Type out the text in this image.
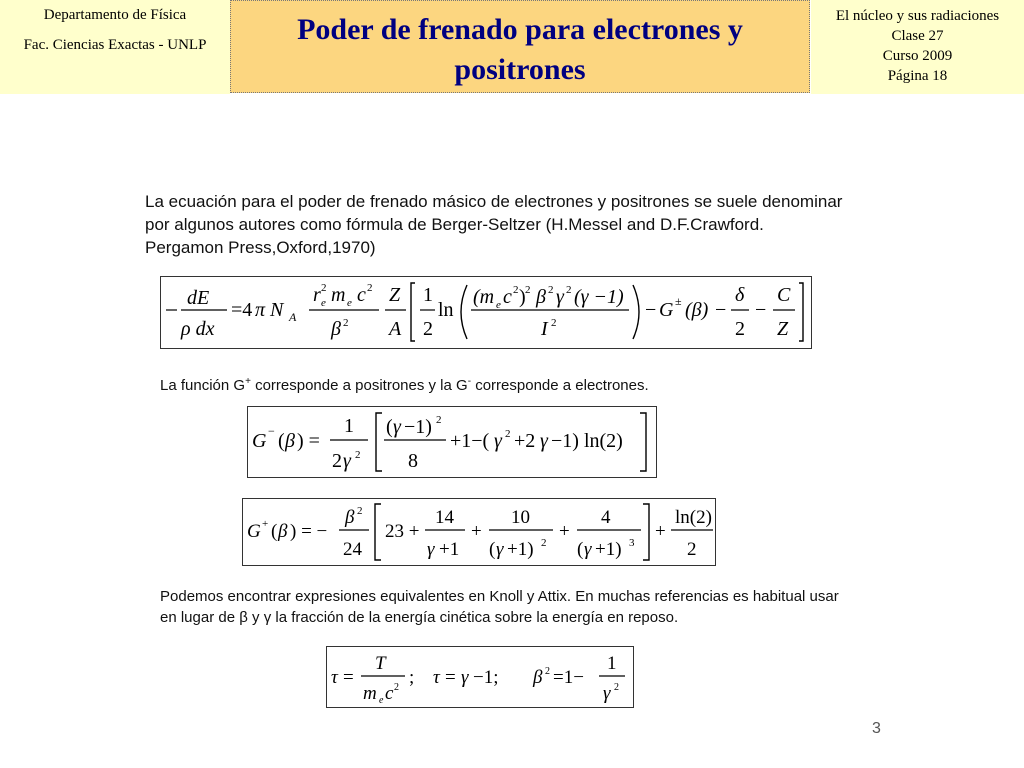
Departamento de Física
Fac. Ciencias Exactas - UNLP	Poder de frenado para electrones y positrones
El núcleo y sus radiaciones
Clase 27
Curso 2009
Página 18
La ecuación para el poder de frenado másico de electrones y positrones se suele denominar por algunos autores como fórmula de Berger-Seltzer (H.Messel and D.F.Crawford. Pergamon Press,Oxford,1970)
dE
ρ dx
=4 π N A
r e
2 m e c 2
β 2
Z
A
1
2
ln
(m e c 2 ) 2 β 2 γ 2 (γ −1)
I 2
− G ± (β) −
δ
2
−
C
Z
La función G+ corresponde a positrones y la G- corresponde a electrones.
G − ( β ) =
1
2 γ 2
( γ −1) 2
8
+1−( γ 2 +2 γ −1) ln(2)
G + ( β ) = −
β 2
24
23 +
14
γ +1
+
10
( γ +1) 2
+
4
( γ +1) 3
+
ln(2)
2
Podemos encontrar expresiones equivalentes en Knoll y Attix. En muchas referencias es habitual usar en lugar de β y γ la fracción de la energía cinética sobre la energía en reposo.
τ =
T
m e c 2 ; τ = γ −1; β 2 =1−
1
γ 2
3
